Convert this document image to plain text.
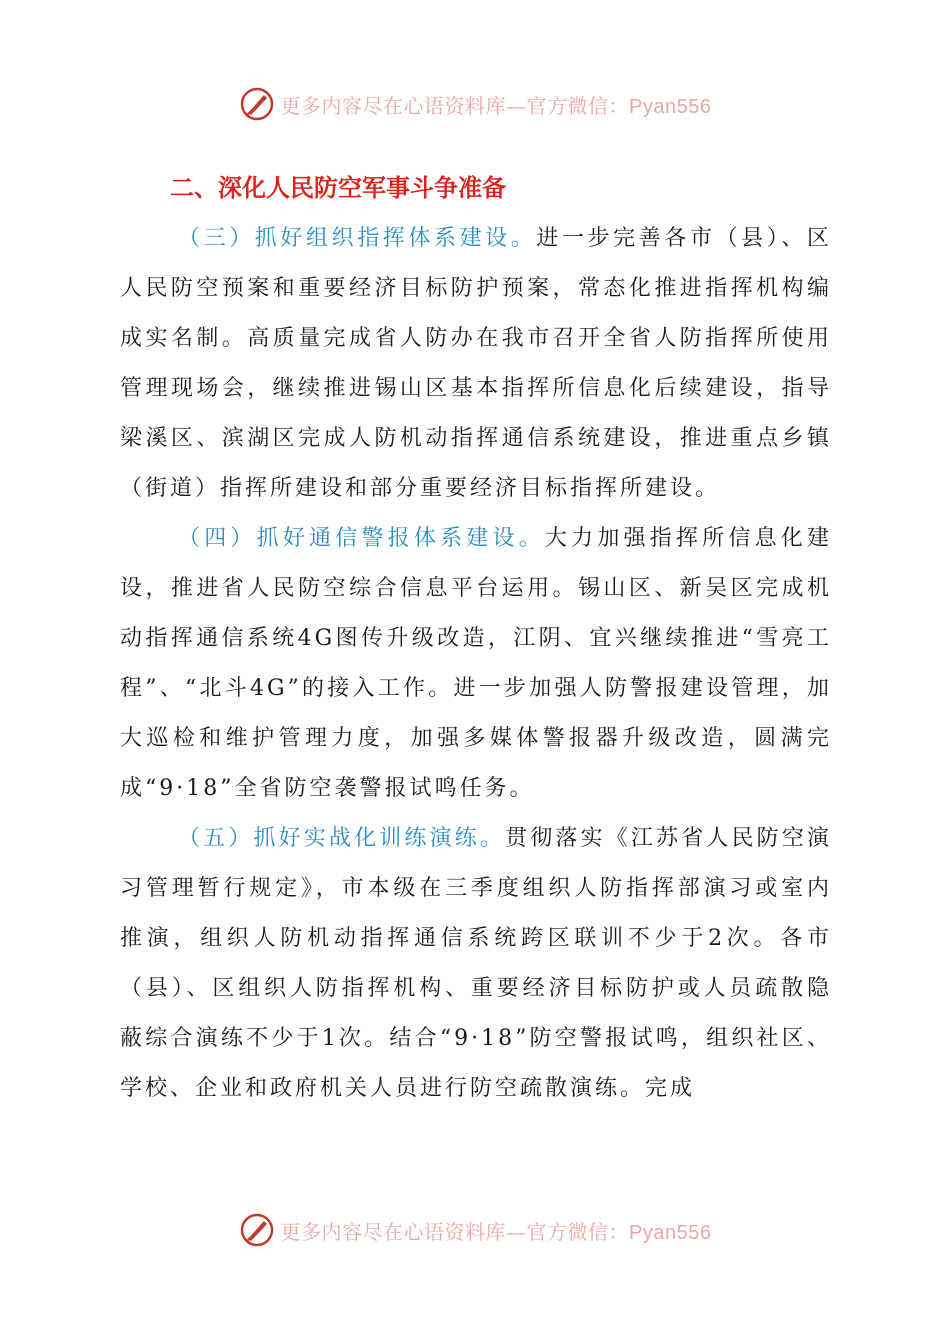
更多内容尽在心语资料库—官方微信：Pyan556
二、深化人民防空军事斗争准备

（三）抓好组织指挥体系建设。进一步完善各市（县）、区人民防空预案和重要经济目标防护预案，常态化推进指挥机构编成实名制。高质量完成省人防办在我市召开全省人防指挥所使用管理现场会，继续推进锡山区基本指挥所信息化后续建设，指导梁溪区、滨湖区完成人防机动指挥通信系统建设，推进重点乡镇（街道）指挥所建设和部分重要经济目标指挥所建设。

（四）抓好通信警报体系建设。大力加强指挥所信息化建设，推进省人民防空综合信息平台运用。锡山区、新吴区完成机动指挥通信系统4G图传升级改造，江阴、宜兴继续推进“雪亮工程”、“北斗4G”的接入工作。进一步加强人防警报建设管理，加大巡检和维护管理力度，加强多媒体警报器升级改造，圆满完成“9·18”全省防空袭警报试鸣任务。

（五）抓好实战化训练演练。贯彻落实《江苏省人民防空演习管理暂行规定》，市本级在三季度组织人防指挥部演习或室内推演，组织人防机动指挥通信系统跨区联训不少于2次。各市（县）、区组织人防指挥机构、重要经济目标防护或人员疏散隐蔽综合演练不少于1次。结合“9·18”防空警报试鸣，组织社区、学校、企业和政府机关人员进行防空疏散演练。完成

更多内容尽在心语资料库—官方微信：Pyan556
